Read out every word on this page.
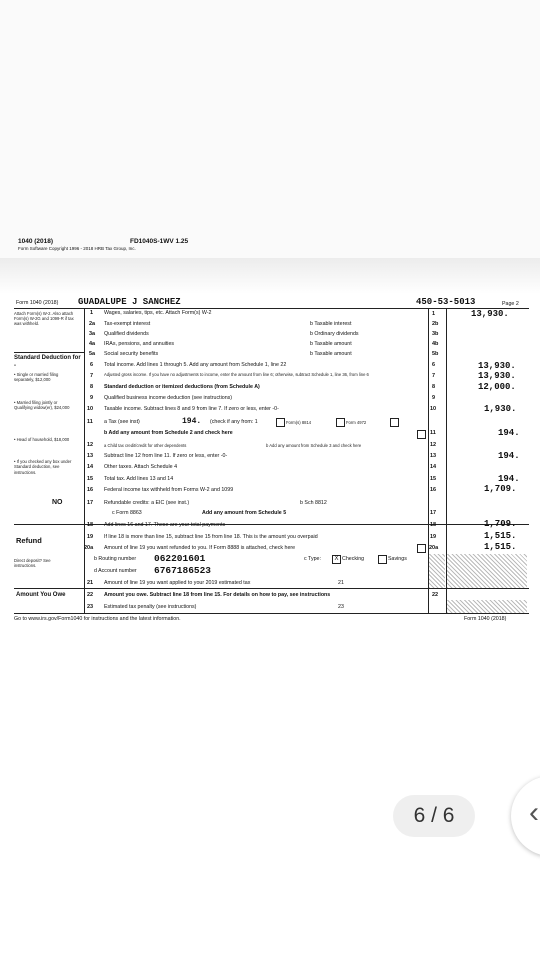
1040 (2018)	FD1040S-1WV 1.25
Form Software Copyright 1996 - 2018 HRB Tax Group, Inc.
Form 1040 (2018) GUADALUPE J SANCHEZ	450-53-5013	Page 2
Attach Form(s) W-2. Also attach Form(s) W-2G and 1099-R if tax was withheld.
Standard Deduction for -
• Single or married filing separately, $12,000
• Married filing jointly or Qualifying widow(er), $24,000
• Head of household, $18,000
• If you checked any box under Standard deduction, see instructions.
NO
Refund
Direct deposit? See instructions.
Amount You Owe
1 Wages, salaries, tips, etc. Attach Form(s) W-2	1	13,930.
2a Tax-exempt interest	b Taxable interest	2b
3a Qualified dividends	b Ordinary dividends	3b
4a IRAs, pensions, and annuities	b Taxable amount	4b
5a Social security benefits	b Taxable amount	5b
6 Total income. Add lines 1 through 5. Add any amount from Schedule 1, line 22	6	13,930.
7	Adjusted gross income. If you have no adjustments to income, enter the amount from line 6; otherwise, subtract Schedule 1, line 36, from line 6	7	13,930.
8 Standard deduction or itemized deductions (from Schedule A)	8	12,000.
9 Qualified business income deduction (see instructions)	9
10 Taxable income. Subtract lines 8 and 9 from line 7. If zero or less, enter -0-	10	1,930.
11 a Tax (see inst)	194. (check if any from: 1	Form(s) 8814	Form 4972
b Add any amount from Schedule 2 and check here	11	194.
12	a Child tax credit/credit for other dependents	b Add any amount from Schedule 3 and check here	12
13 Subtract line 12 from line 11. If zero or less, enter -0-	13	194.
14 Other taxes. Attach Schedule 4	14
15 Total tax. Add lines 13 and 14	15	194.
16 Federal income tax withheld from Forms W-2 and 1099	16	1,709.
17 Refundable credits: a EIC (see inst.)	b Sch 8812
c Form 8863	Add any amount from Schedule 5	17
18 Add lines 16 and 17. These are your total payments	18	1,709.
19 If line 18 is more than line 15, subtract line 15 from line 18. This is the amount you overpaid	19	1,515.
20a Amount of line 19 you want refunded to you. If Form 8888 is attached, check here	20a	1,515.
b Routing number 062201601	c Type:	X Checking	Savings
d Account number 6767186523
21 Amount of line 19 you want applied to your 2019 estimated tax	21
22 Amount you owe. Subtract line 18 from line 15. For details on how to pay, see instructions	22
23 Estimated tax penalty (see instructions)	23
Go to www.irs.gov/Form1040 for instructions and the latest information.	Form 1040 (2018)
6 / 6	‹
